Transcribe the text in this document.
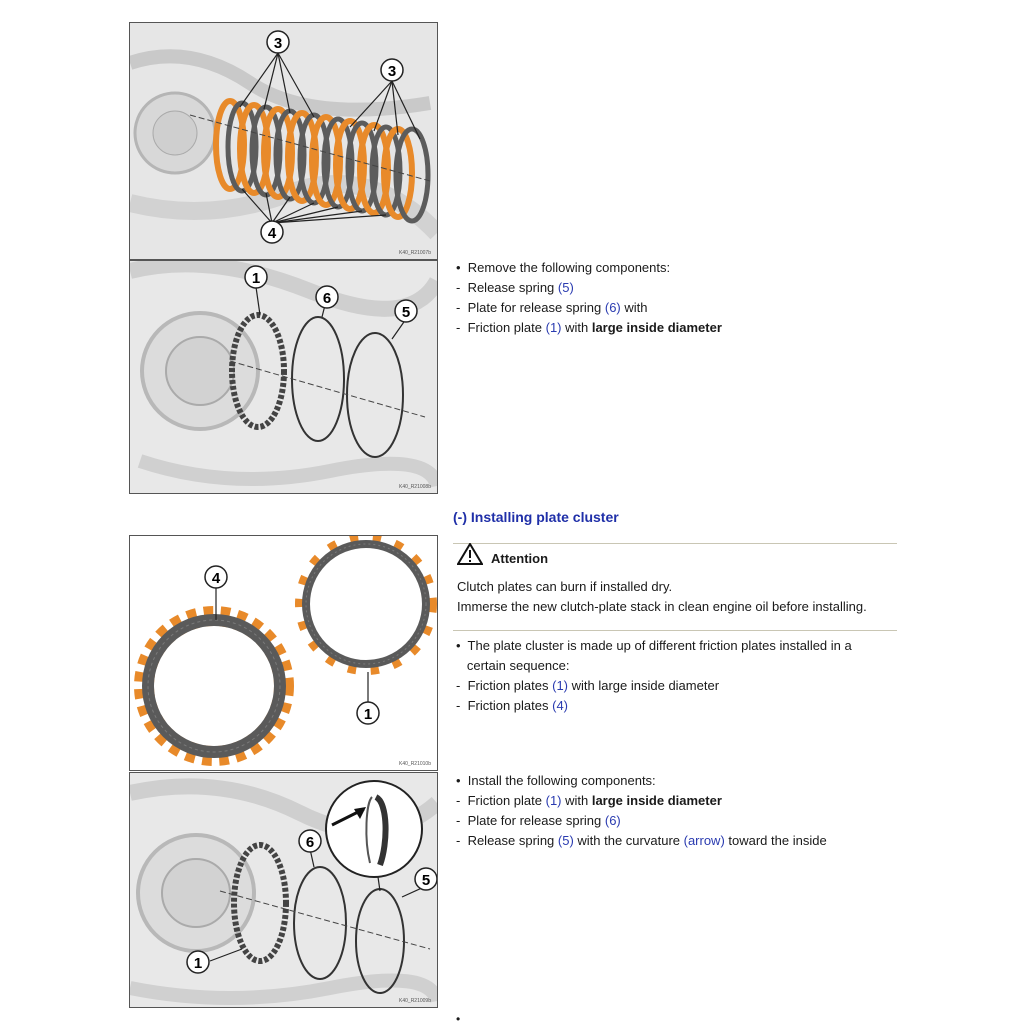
3
3
4
K40_R21007b
1
6
5
K40_R21008b
4
1
K40_R21010b
6
5
1
K40_R21009b
•  Remove the following components:
-  Release spring (5)
-  Plate for release spring (6) with
-  Friction plate (1) with large inside diameter
(-) Installing plate cluster
Attention
Clutch plates can burn if installed dry.
Immerse the new clutch-plate stack in clean engine oil before installing.
•  The plate cluster is made up of different friction plates installed in a
certain sequence:
-  Friction plates (1) with large inside diameter
-  Friction plates (4)
•  Install the following components:
-  Friction plate (1) with large inside diameter
-  Plate for release spring (6)
-  Release spring (5) with the curvature (arrow) toward the inside
•
